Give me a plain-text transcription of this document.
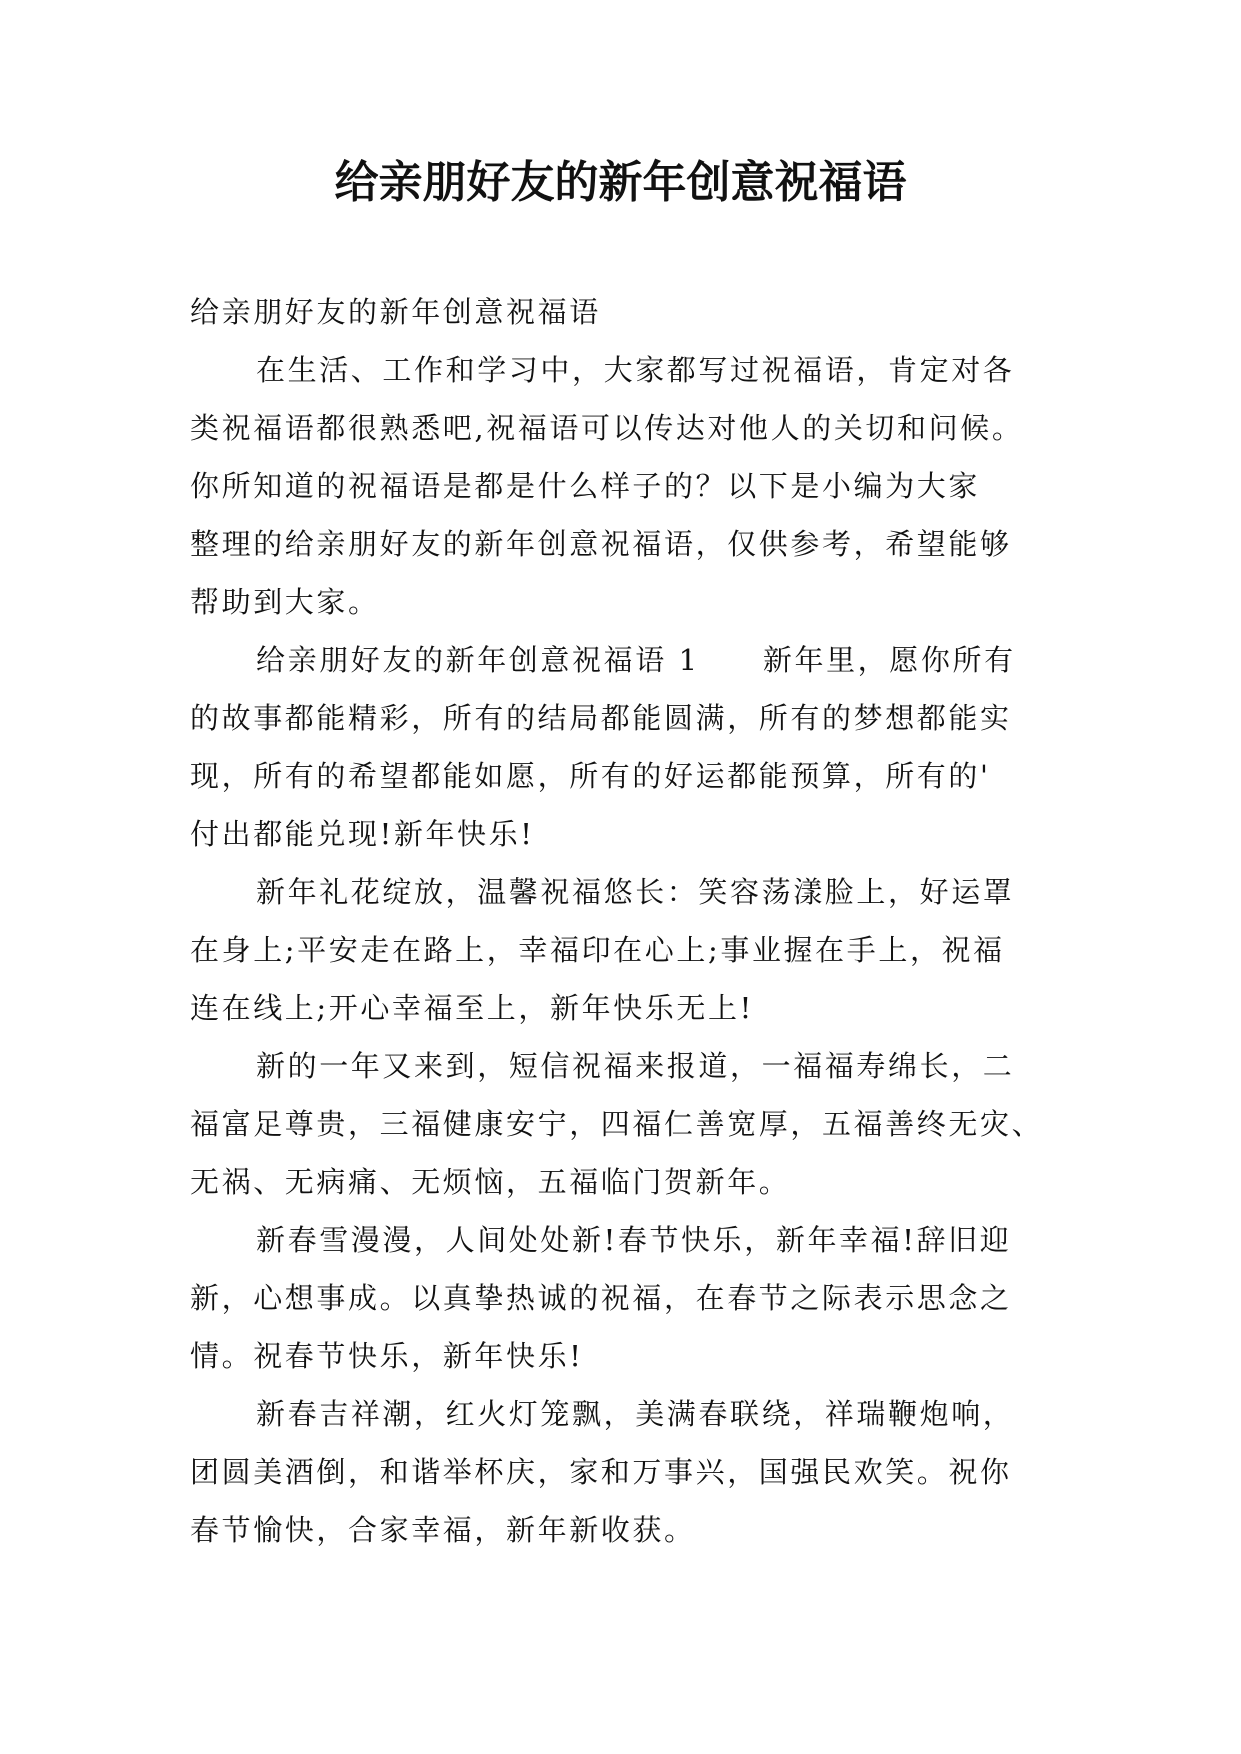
给亲朋好友的新年创意祝福语
给亲朋好友的新年创意祝福语
在生活、工作和学习中，大家都写过祝福语，肯定对各
类祝福语都很熟悉吧,祝福语可以传达对他人的关切和问候。
你所知道的祝福语是都是什么样子的？以下是小编为大家
整理的给亲朋好友的新年创意祝福语，仅供参考，希望能够
帮助到大家。
给亲朋好友的新年创意祝福语 1　　新年里，愿你所有
的故事都能精彩，所有的结局都能圆满，所有的梦想都能实
现，所有的希望都能如愿，所有的好运都能预算，所有的'
付出都能兑现!新年快乐!
新年礼花绽放，温馨祝福悠长：笑容荡漾脸上，好运罩
在身上;平安走在路上，幸福印在心上;事业握在手上，祝福
连在线上;开心幸福至上，新年快乐无上!
新的一年又来到，短信祝福来报道，一福福寿绵长，二
福富足尊贵，三福健康安宁，四福仁善宽厚，五福善终无灾、
无祸、无病痛、无烦恼，五福临门贺新年。
新春雪漫漫，人间处处新!春节快乐，新年幸福!辞旧迎
新，心想事成。以真挚热诚的祝福，在春节之际表示思念之
情。祝春节快乐，新年快乐!
新春吉祥潮，红火灯笼飘，美满春联绕，祥瑞鞭炮响，
团圆美酒倒，和谐举杯庆，家和万事兴，国强民欢笑。祝你
春节愉快，合家幸福，新年新收获。
